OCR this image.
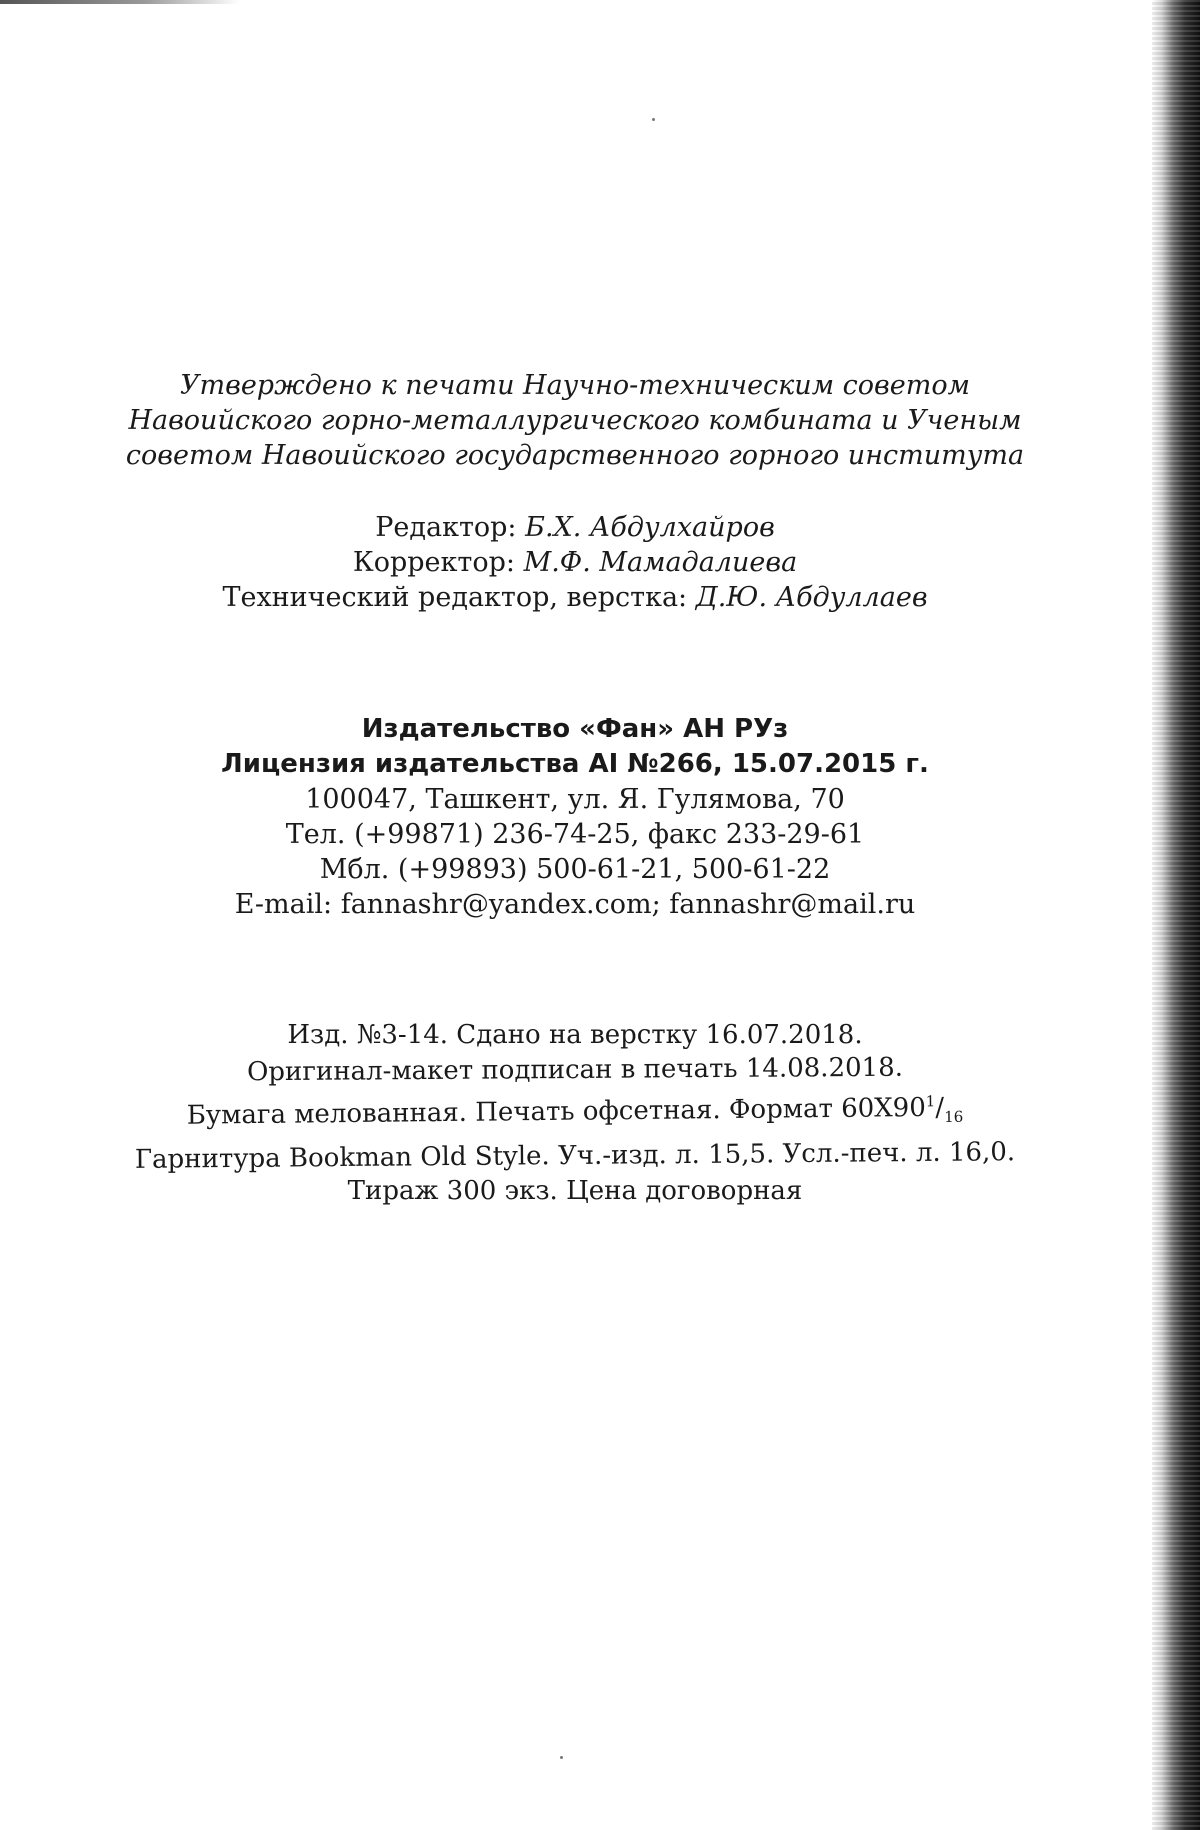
Утверждено к печати Научно-техническим советом
Навоийского горно-металлургического комбината и Ученым
советом Навоийского государственного горного института
Редактор: Б.Х. Абдулхайров
Корректор: М.Ф. Мамадалиева
Технический редактор, верстка: Д.Ю. Абдуллаев
Издательство «Фан» АН РУз
Лицензия издательства AI №266, 15.07.2015 г.
100047, Ташкент, ул. Я. Гулямова, 70
Тел. (+99871) 236-74-25, факс 233-29-61
Мбл. (+99893) 500-61-21, 500-61-22
E-mail: fannashr@yandex.com; fannashr@mail.ru
Изд. №3-14. Сдано на верстку 16.07.2018.
Оригинал-макет подписан в печать 14.08.2018.
Бумага мелованная. Печать офсетная. Формат $60Х90^1/_{16}$
Гарнитура Bookman Old Style. Уч.-изд. л. 15,5. Усл.-печ. л. 16,0.
Тираж 300 экз. Цена договорная
